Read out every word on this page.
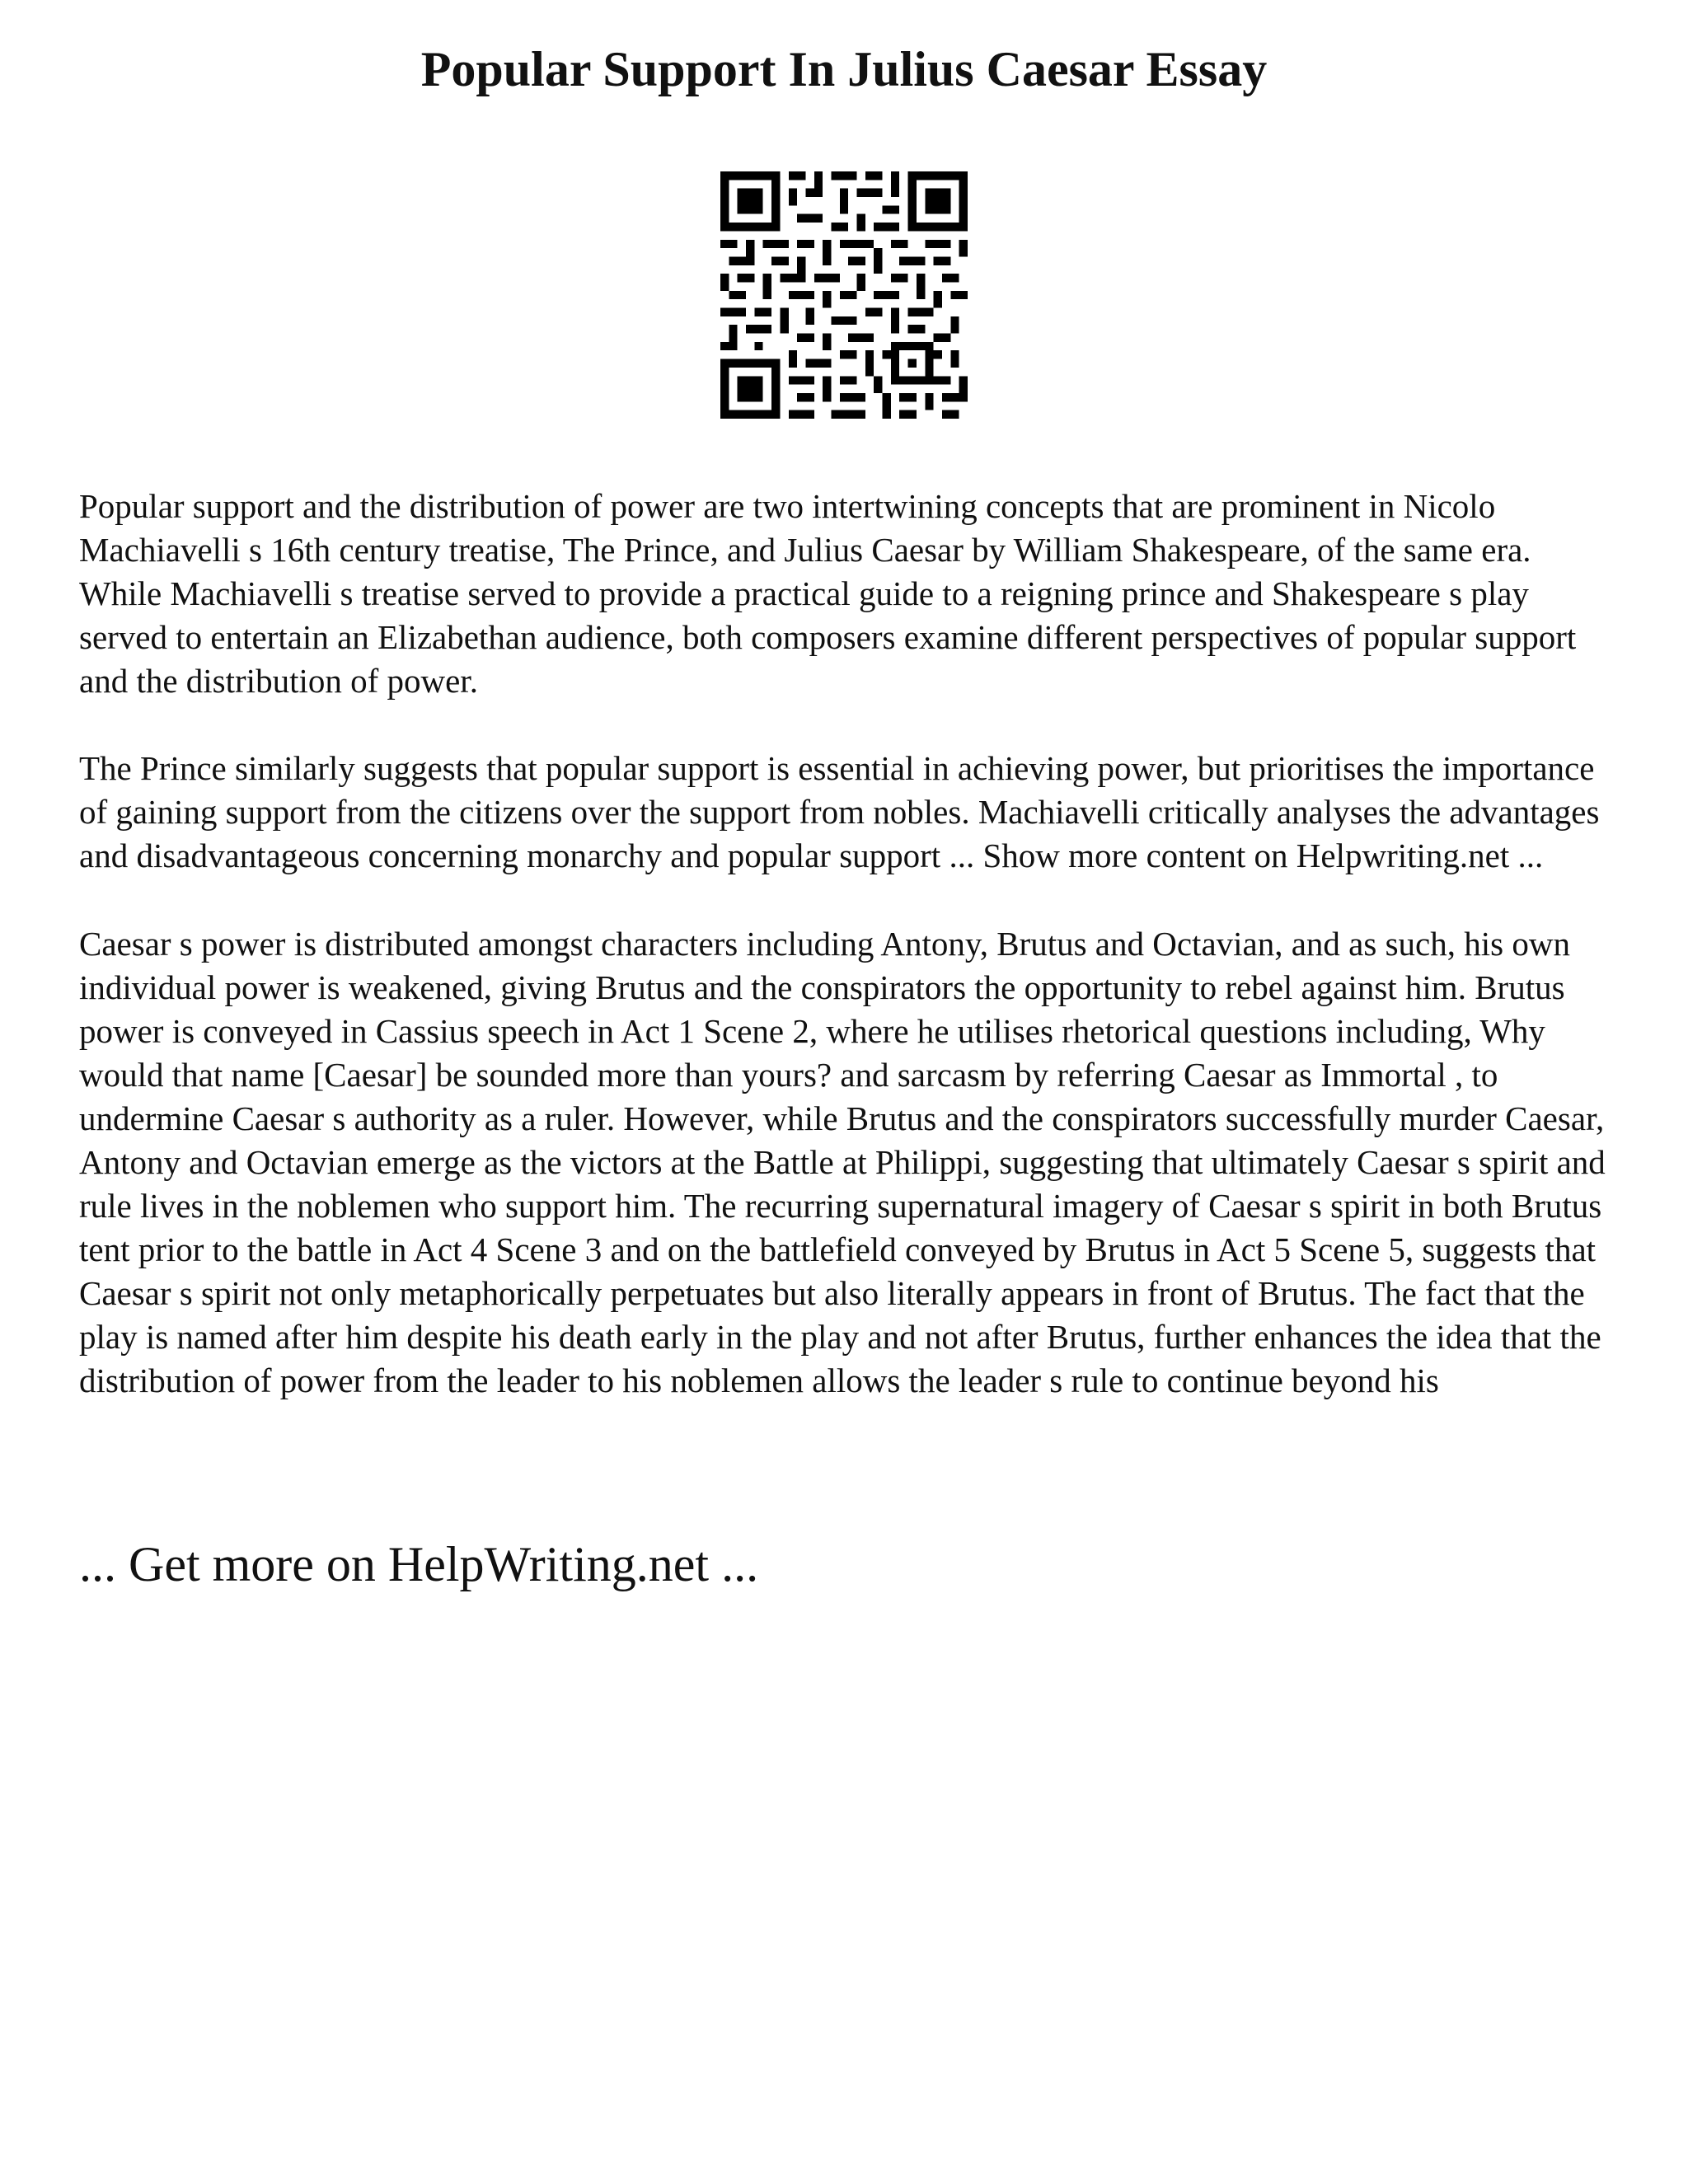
Popular Support In Julius Caesar Essay

Popular support and the distribution of power are two intertwining concepts that are prominent in Nicolo Machiavelli s 16th century treatise, The Prince, and Julius Caesar by William Shakespeare, of the same era. While Machiavelli s treatise served to provide a practical guide to a reigning prince and Shakespeare s play served to entertain an Elizabethan audience, both composers examine different perspectives of popular support and the distribution of power.

The Prince similarly suggests that popular support is essential in achieving power, but prioritises the importance of gaining support from the citizens over the support from nobles. Machiavelli critically analyses the advantages and disadvantageous concerning monarchy and popular support ... Show more content on Helpwriting.net ...

Caesar s power is distributed amongst characters including Antony, Brutus and Octavian, and as such, his own individual power is weakened, giving Brutus and the conspirators the opportunity to rebel against him. Brutus power is conveyed in Cassius speech in Act 1 Scene 2, where he utilises rhetorical questions including, Why would that name [Caesar] be sounded more than yours? and sarcasm by referring Caesar as Immortal , to undermine Caesar s authority as a ruler. However, while Brutus and the conspirators successfully murder Caesar, Antony and Octavian emerge as the victors at the Battle at Philippi, suggesting that ultimately Caesar s spirit and rule lives in the noblemen who support him. The recurring supernatural imagery of Caesar s spirit in both Brutus tent prior to the battle in Act 4 Scene 3 and on the battlefield conveyed by Brutus in Act 5 Scene 5, suggests that Caesar s spirit not only metaphorically perpetuates but also literally appears in front of Brutus. The fact that the play is named after him despite his death early in the play and not after Brutus, further enhances the idea that the distribution of power from the leader to his noblemen allows the leader s rule to continue beyond his

... Get more on HelpWriting.net ...
